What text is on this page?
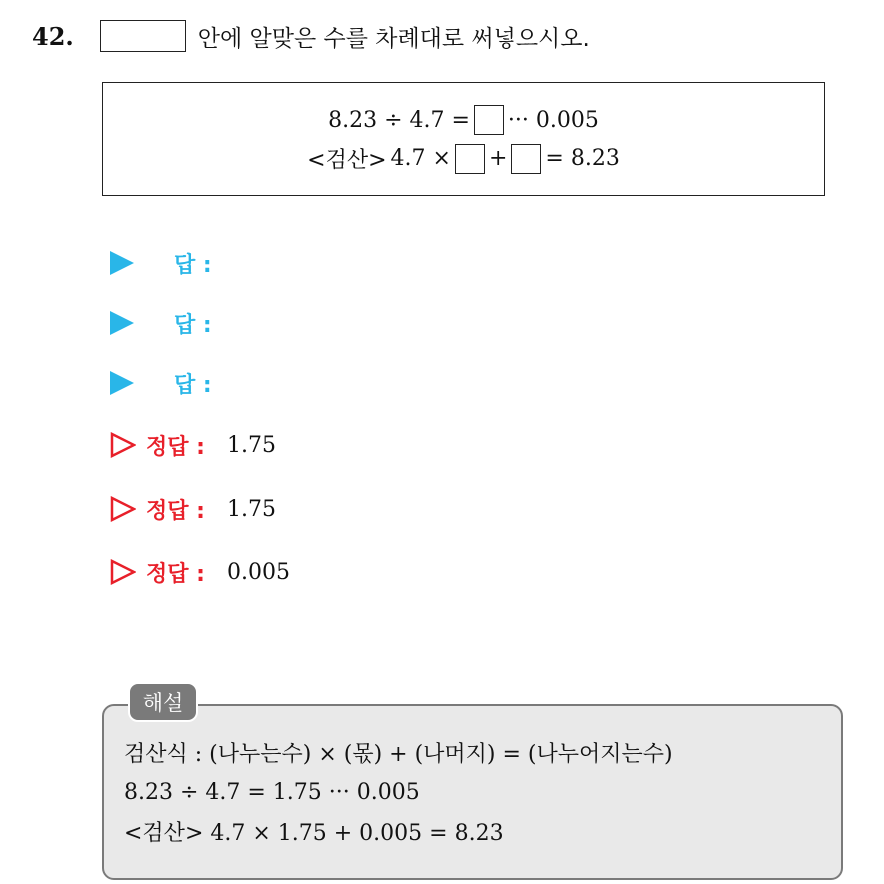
42.	안에 알맞은 수를 차례대로 써넣으시오.
8.23 ÷ 4.7 = ··· 0.005
<검산> 4.7 × + = 8.23
답 :
답 :
답 :
정답 : 1.75
정답 : 1.75
정답 : 0.005
해설
검산식 : (나누는수) × (몫) + (나머지) = (나누어지는수)
8.23 ÷ 4.7 = 1.75 ··· 0.005
<검산> 4.7 × 1.75 + 0.005 = 8.23
